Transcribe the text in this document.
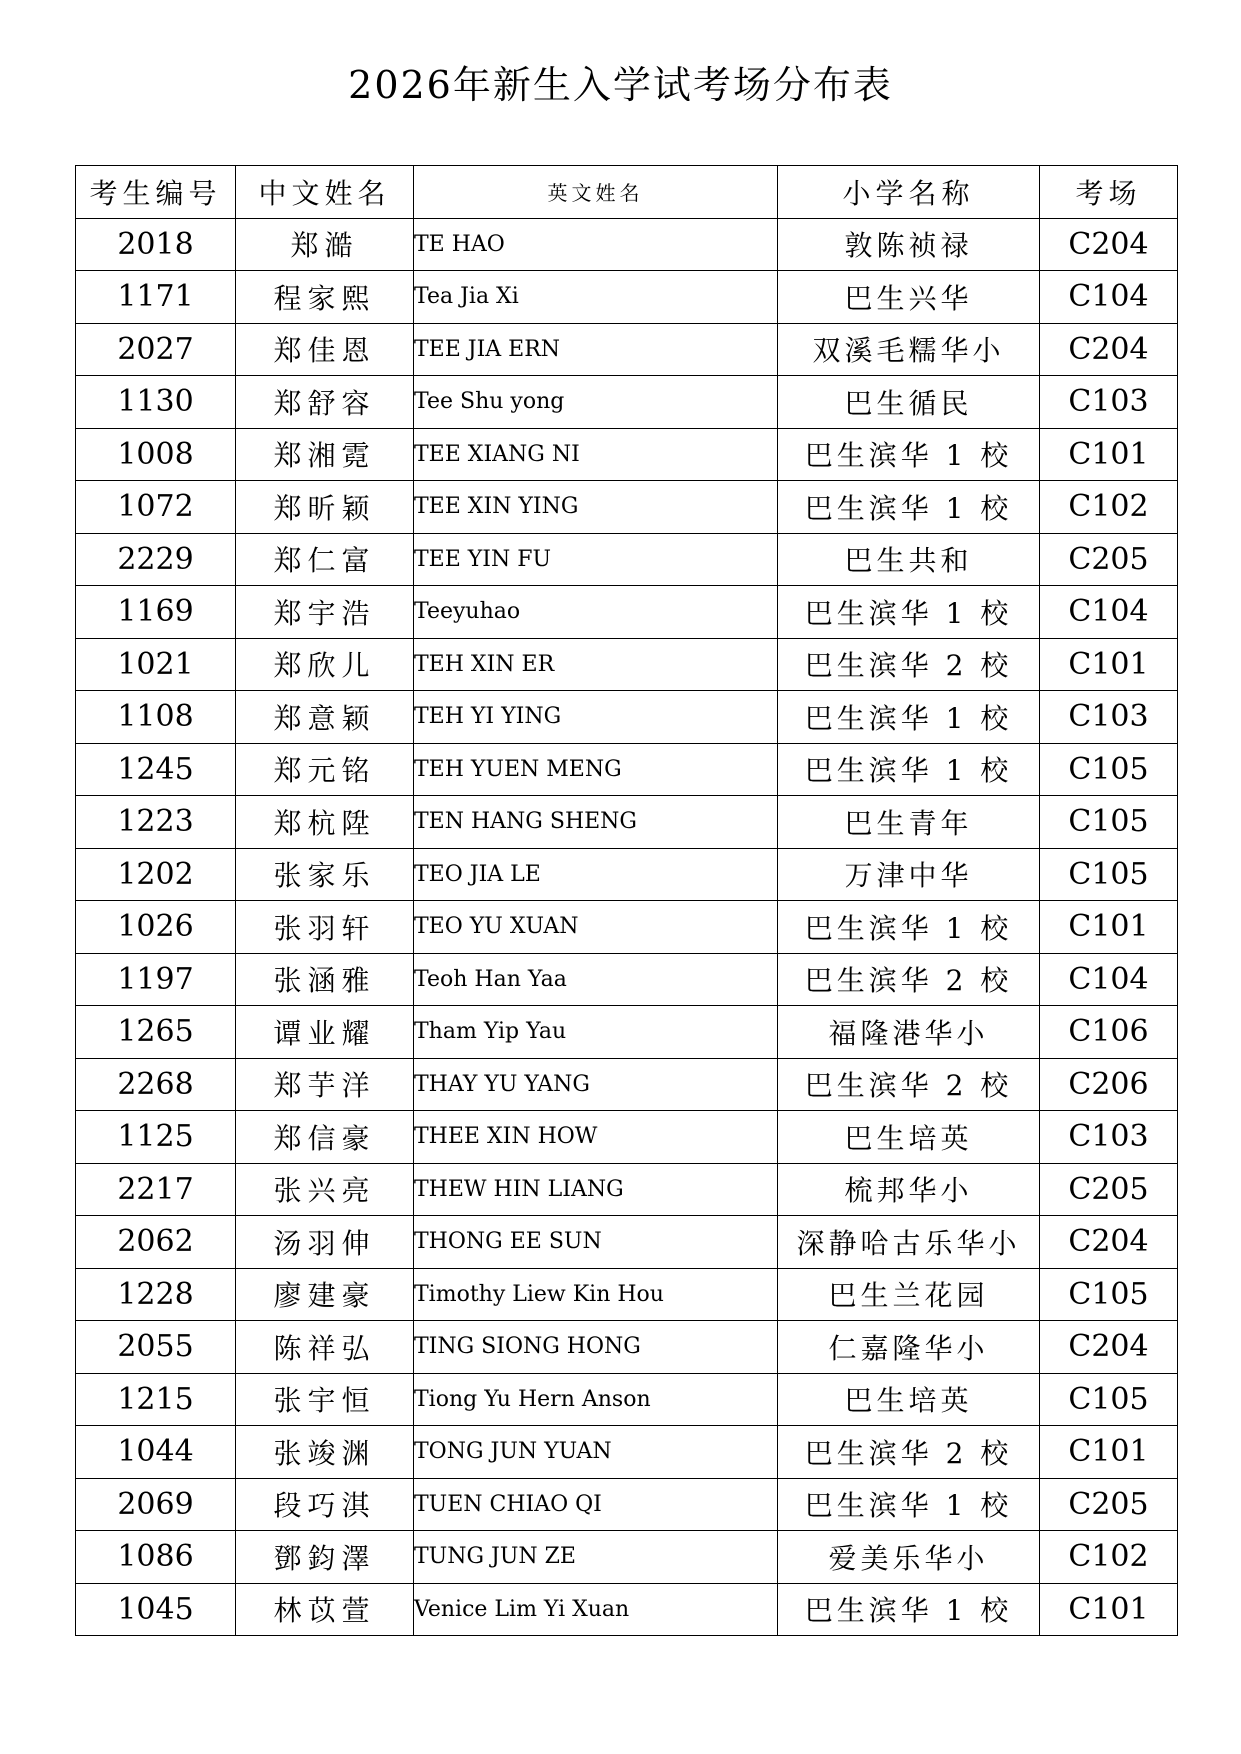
2026年新生入学试考场分布表
考生编号	中文姓名	英文姓名	小学名称	考场
2018	郑澔	TE HAO	敦陈祯禄	C204
1171	程家熙	Tea Jia Xi	巴生兴华	C104
2027	郑佳恩	TEE JIA ERN	双溪毛糯华小	C204
1130	郑舒容	Tee Shu yong	巴生循民	C103
1008	郑湘霓	TEE XIANG NI	巴生滨华 1 校	C101
1072	郑昕颖	TEE XIN YING	巴生滨华 1 校	C102
2229	郑仁富	TEE YIN FU	巴生共和	C205
1169	郑宇浩	Teeyuhao	巴生滨华 1 校	C104
1021	郑欣儿	TEH XIN ER	巴生滨华 2 校	C101
1108	郑意颖	TEH YI YING	巴生滨华 1 校	C103
1245	郑元铭	TEH YUEN MENG	巴生滨华 1 校	C105
1223	郑杭陞	TEN HANG SHENG	巴生青年	C105
1202	张家乐	TEO JIA LE	万津中华	C105
1026	张羽轩	TEO YU XUAN	巴生滨华 1 校	C101
1197	张涵雅	Teoh Han Yaa	巴生滨华 2 校	C104
1265	谭业耀	Tham Yip Yau	福隆港华小	C106
2268	郑芋洋	THAY YU YANG	巴生滨华 2 校	C206
1125	郑信豪	THEE XIN HOW	巴生培英	C103
2217	张兴亮	THEW HIN LIANG	梳邦华小	C205
2062	汤羽伸	THONG EE SUN	深静哈古乐华小	C204
1228	廖建豪	Timothy Liew Kin Hou	巴生兰花园	C105
2055	陈祥弘	TING SIONG HONG	仁嘉隆华小	C204
1215	张宇恒	Tiong Yu Hern Anson	巴生培英	C105
1044	张竣渊	TONG JUN YUAN	巴生滨华 2 校	C101
2069	段巧淇	TUEN CHIAO QI	巴生滨华 1 校	C205
1086	鄧鈞澤	TUNG JUN ZE	爱美乐华小	C102
1045	林苡萱	Venice Lim Yi Xuan	巴生滨华 1 校	C101
